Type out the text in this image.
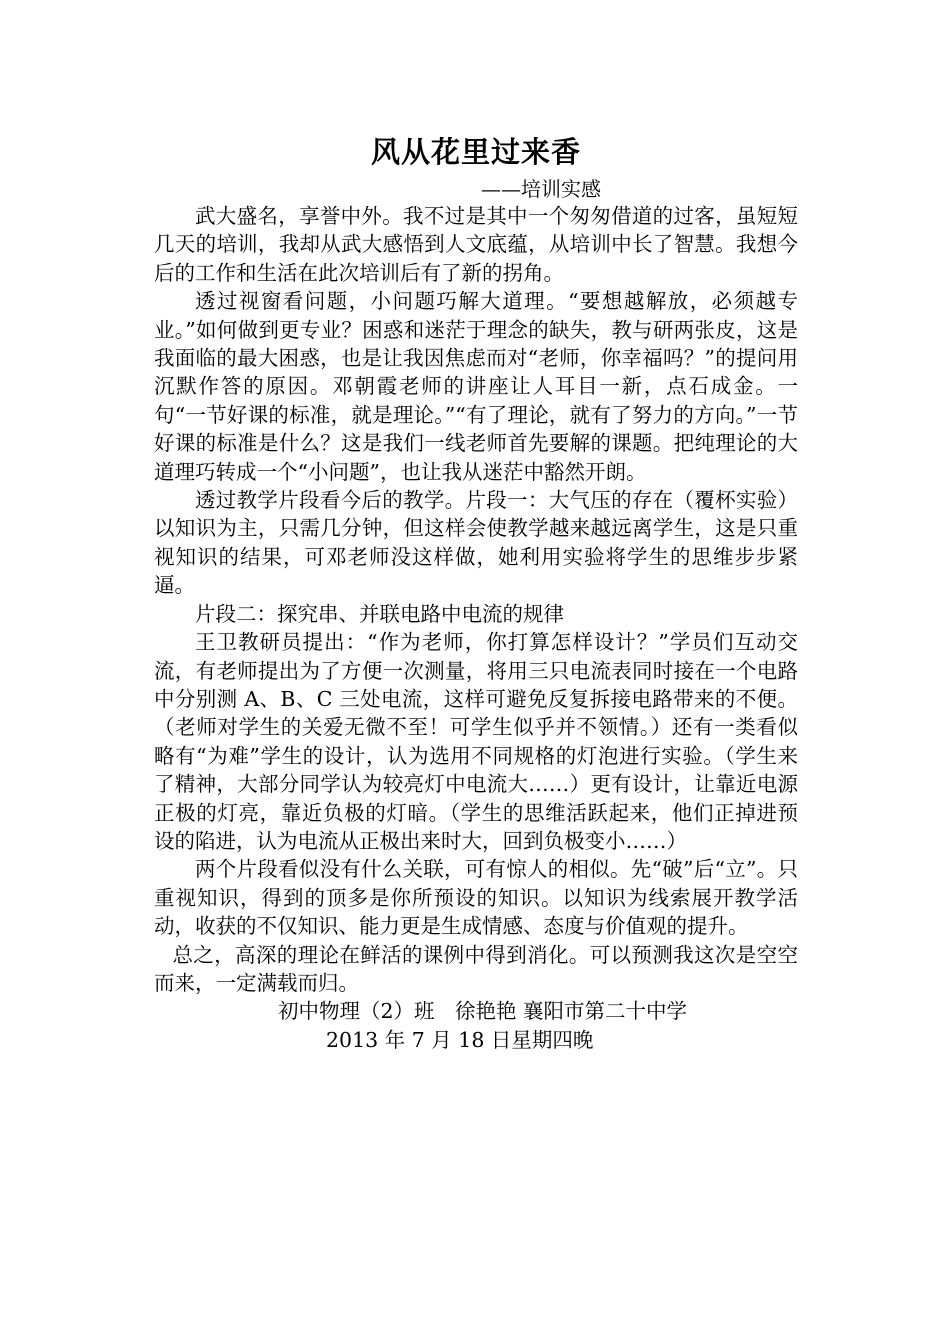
风从花里过来香

——培训实感

武大盛名，享誉中外。我不过是其中一个匆匆借道的过客，虽短短几天的培训，我却从武大感悟到人文底蕴，从培训中长了智慧。我想今后的工作和生活在此次培训后有了新的拐角。

透过视窗看问题，小问题巧解大道理。“要想越解放，必须越专业。”如何做到更专业？困惑和迷茫于理念的缺失，教与研两张皮，这是我面临的最大困惑，也是让我因焦虑而对“老师，你幸福吗？”的提问用沉默作答的原因。邓朝霞老师的讲座让人耳目一新，点石成金。一句“一节好课的标准，就是理论。”“有了理论，就有了努力的方向。”一节好课的标准是什么？这是我们一线老师首先要解的课题。把纯理论的大道理巧转成一个“小问题”，也让我从迷茫中豁然开朗。

透过教学片段看今后的教学。片段一：大气压的存在（覆杯实验）以知识为主，只需几分钟，但这样会使教学越来越远离学生，这是只重视知识的结果，可邓老师没这样做，她利用实验将学生的思维步步紧逼。

片段二：探究串、并联电路中电流的规律

王卫教研员提出：“作为老师，你打算怎样设计？”学员们互动交流，有老师提出为了方便一次测量，将用三只电流表同时接在一个电路中分别测 A、B、C 三处电流，这样可避免反复拆接电路带来的不便。（老师对学生的关爱无微不至！可学生似乎并不领情。）还有一类看似略有“为难”学生的设计，认为选用不同规格的灯泡进行实验。（学生来了精神，大部分同学认为较亮灯中电流大……）更有设计，让靠近电源正极的灯亮，靠近负极的灯暗。（学生的思维活跃起来，他们正掉进预设的陷进，认为电流从正极出来时大，回到负极变小……）

两个片段看似没有什么关联，可有惊人的相似。先“破”后“立”。只重视知识，得到的顶多是你所预设的知识。以知识为线索展开教学活动，收获的不仅知识、能力更是生成情感、态度与价值观的提升。

总之，高深的理论在鲜活的课例中得到消化。可以预测我这次是空空而来，一定满载而归。

初中物理（2）班　徐艳艳 襄阳市第二十中学

2013 年 7 月 18 日星期四晚
